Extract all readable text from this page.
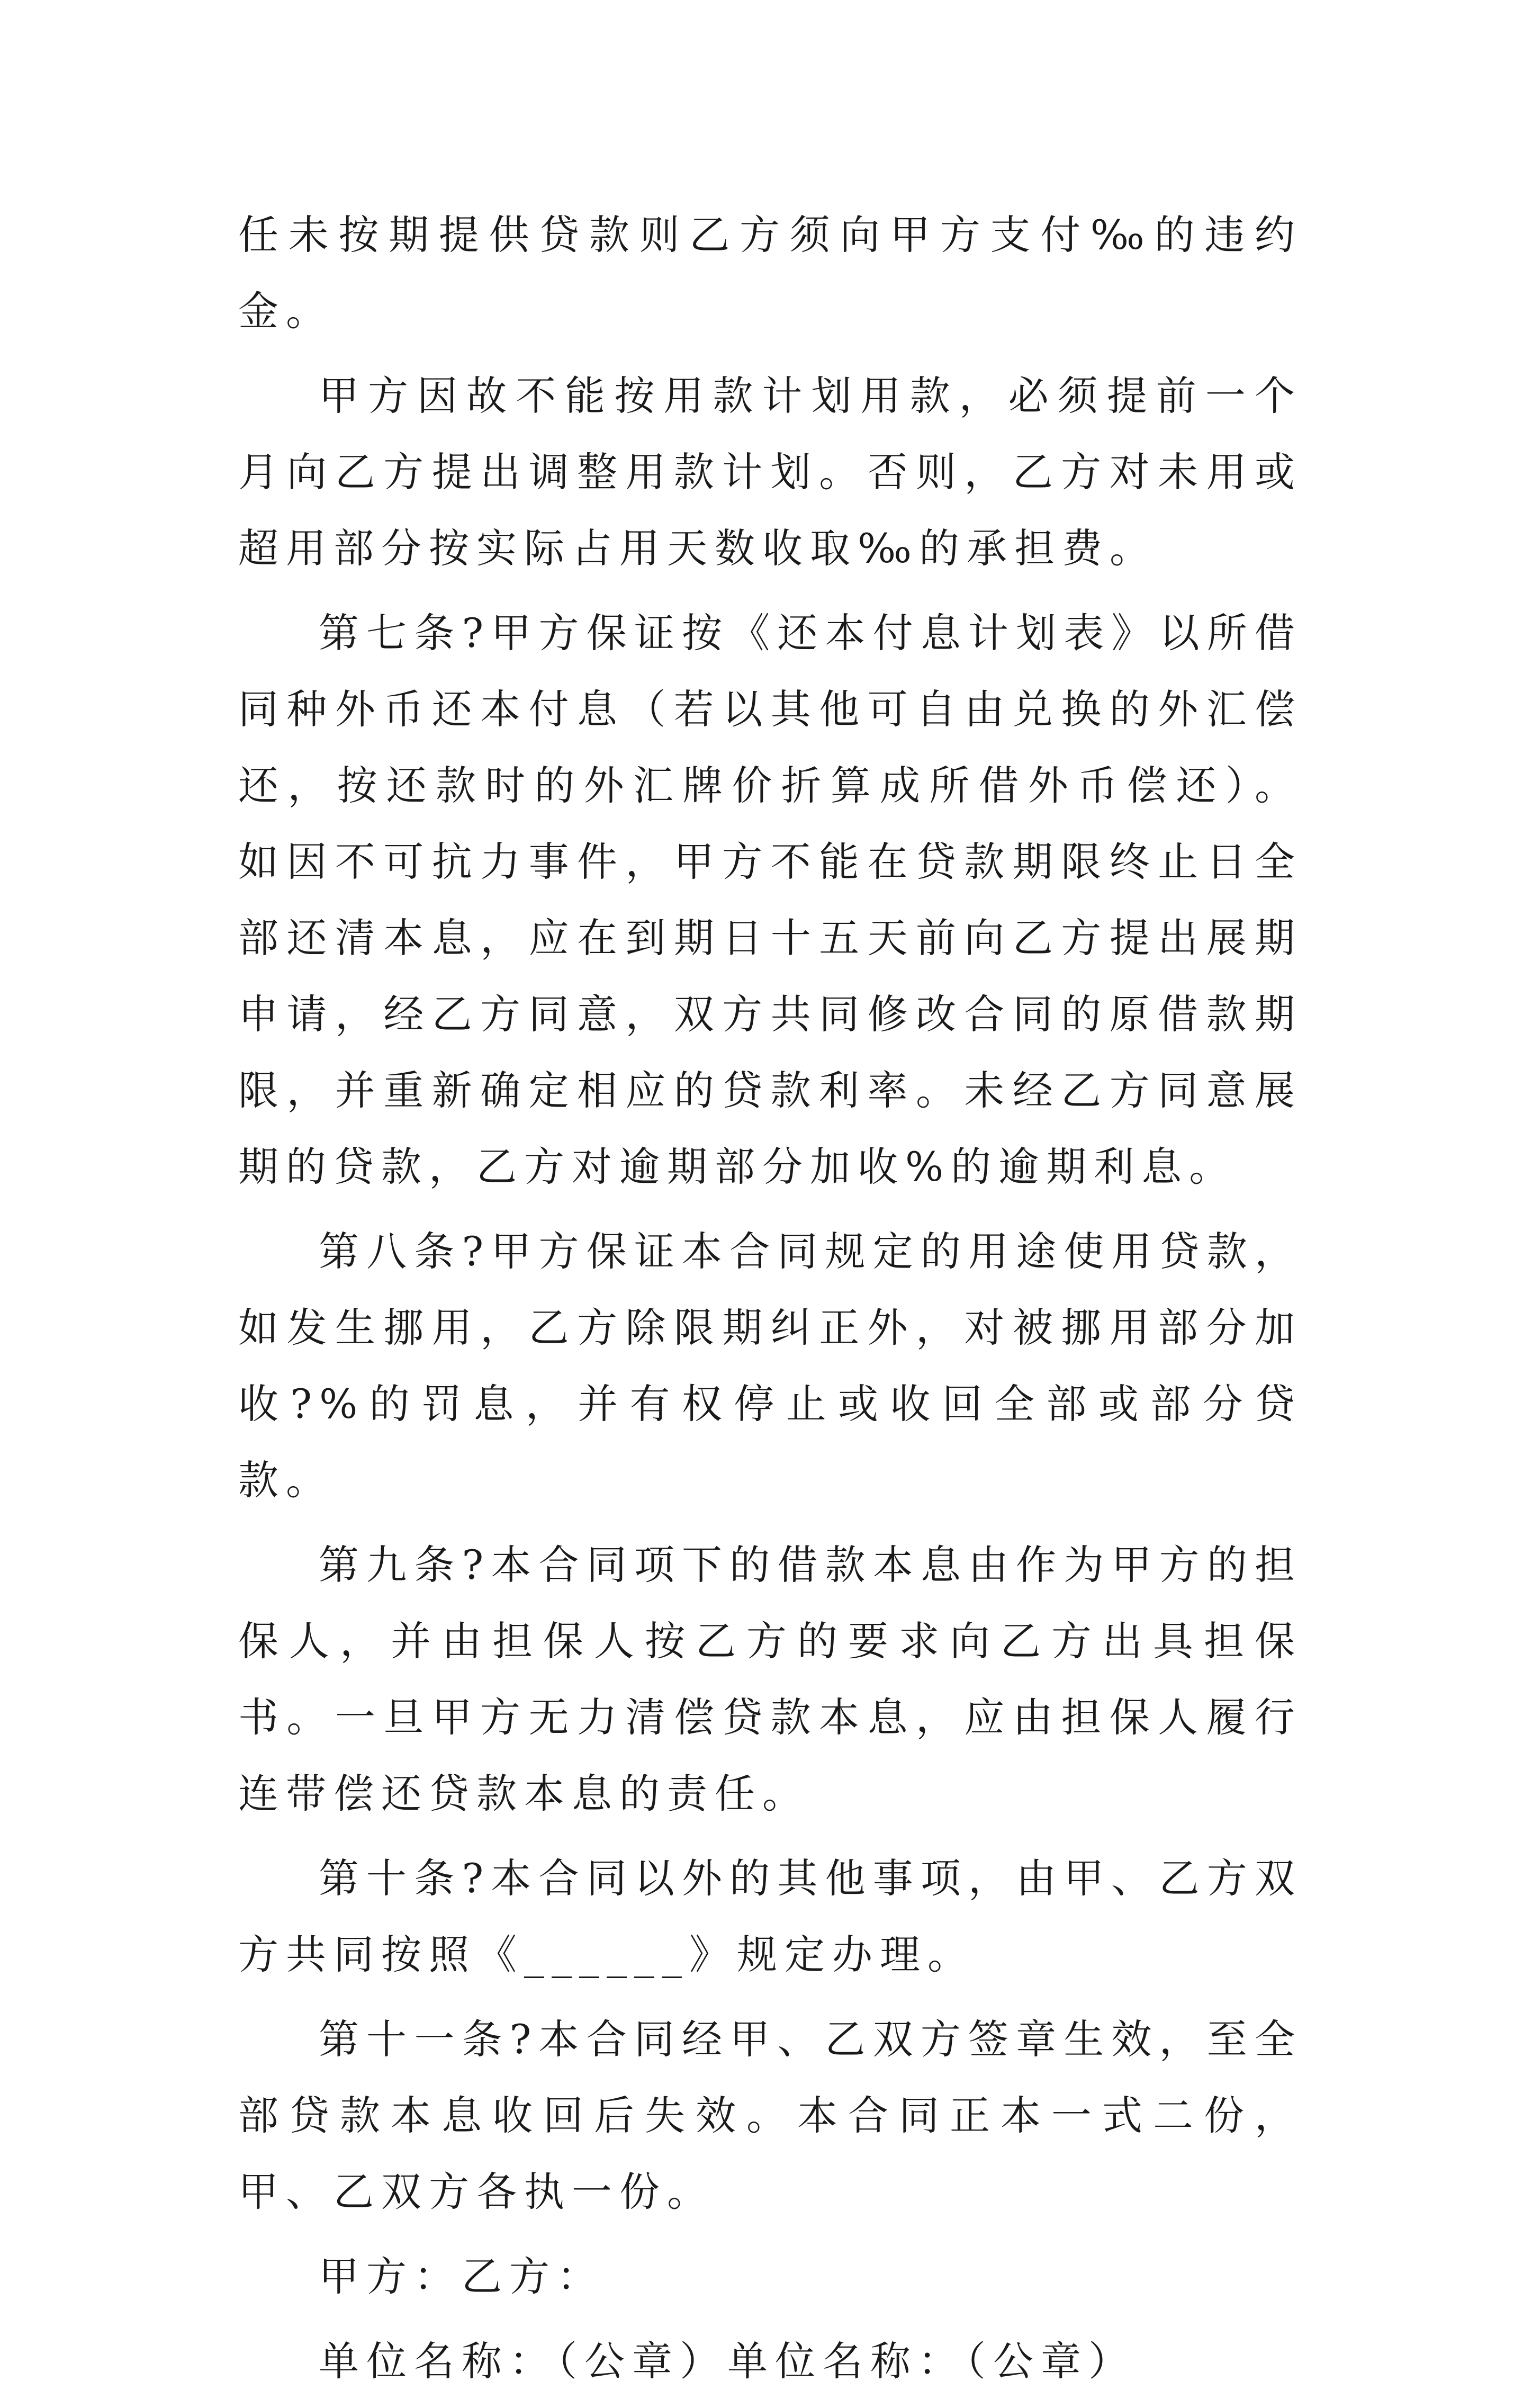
任未按期提供贷款则乙方须向甲方支付‰的违约金。

甲方因故不能按用款计划用款，必须提前一个月向乙方提出调整用款计划。否则，乙方对未用或超用部分按实际占用天数收取‰的承担费。

第七条?甲方保证按《还本付息计划表》以所借同种外币还本付息（若以其他可自由兑换的外汇偿还，按还款时的外汇牌价折算成所借外币偿还）。如因不可抗力事件，甲方不能在贷款期限终止日全部还清本息，应在到期日十五天前向乙方提出展期申请，经乙方同意，双方共同修改合同的原借款期限，并重新确定相应的贷款利率。未经乙方同意展期的贷款，乙方对逾期部分加收%的逾期利息。

第八条?甲方保证本合同规定的用途使用贷款，如发生挪用，乙方除限期纠正外，对被挪用部分加收?%的罚息，并有权停止或收回全部或部分贷款。

第九条?本合同项下的借款本息由作为甲方的担保人，并由担保人按乙方的要求向乙方出具担保书。一旦甲方无力清偿贷款本息，应由担保人履行连带偿还贷款本息的责任。

第十条?本合同以外的其他事项，由甲、乙方双方共同按照《______》规定办理。

第十一条?本合同经甲、乙双方签章生效，至全部贷款本息收回后失效。本合同正本一式二份，甲、乙双方各执一份。

甲方：乙方：

单位名称：（公章）单位名称：（公章）
